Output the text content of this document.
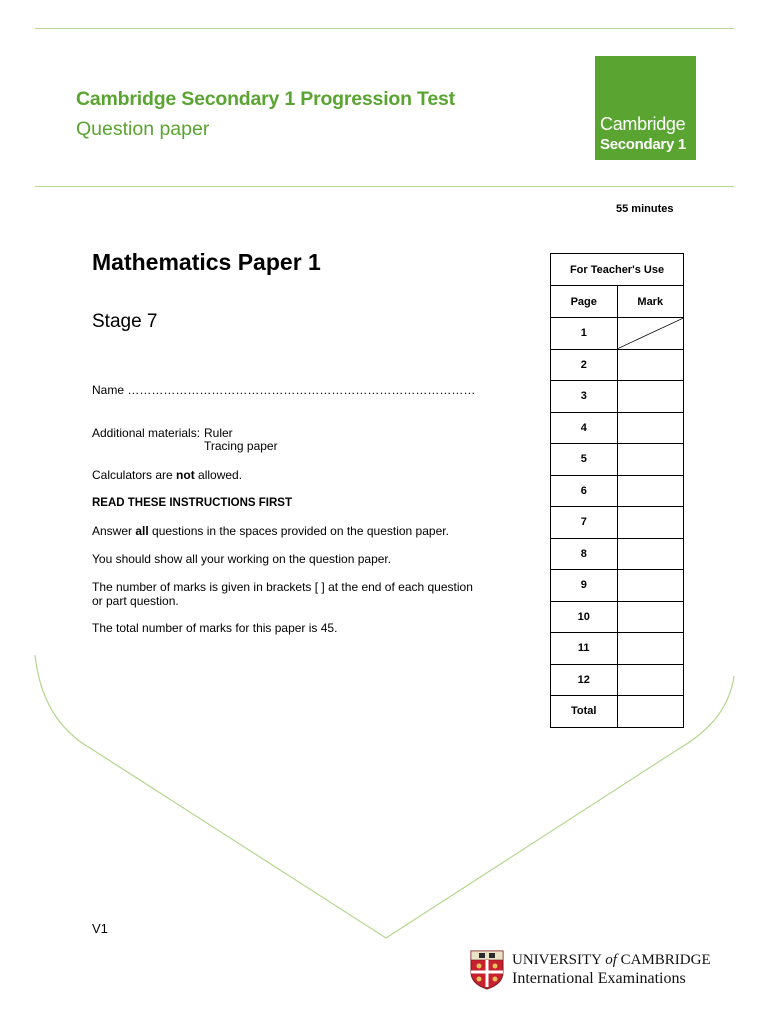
Cambridge Secondary 1 Progression Test
Question paper	Cambridge
Secondary 1
55 minutes
Mathematics Paper 1
Stage 7
Name ……………………………………………………………………………
Additional materials: Ruler
Tracing paper
Calculators are not allowed.
READ THESE INSTRUCTIONS FIRST
Answer all questions in the spaces provided on the question paper.
You should show all your working on the question paper.
The number of marks is given in brackets [ ] at the end of each question
or part question.
The total number of marks for this paper is 45.
For Teacher's Use	
Page	Mark
1	

2	
3	
4	
5	
6	
7	
8	
9	
10	
11	
12	
Total	
V1
UNIVERSITY of CAMBRIDGE
International Examinations
